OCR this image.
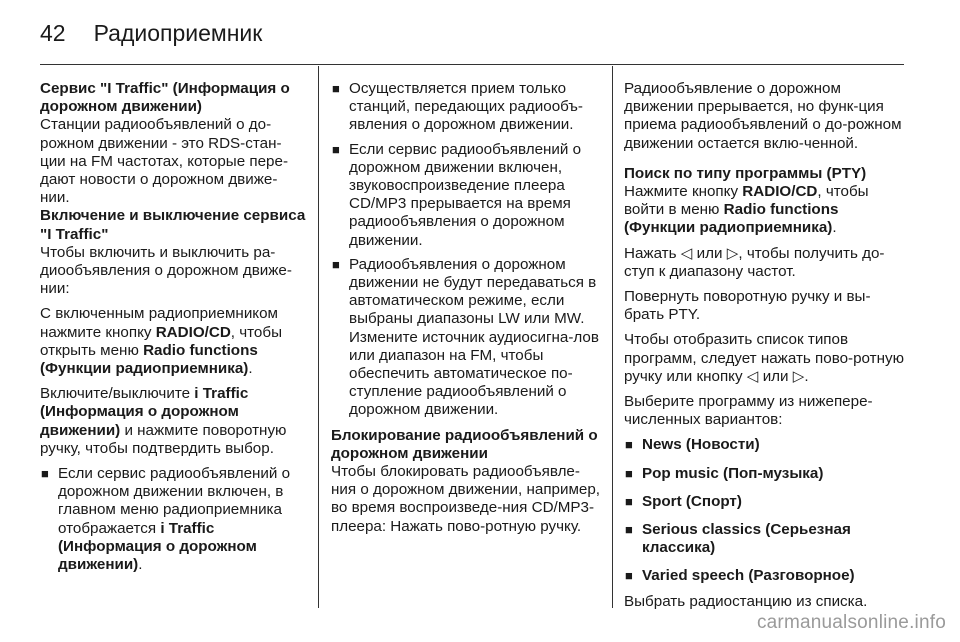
42 Радиоприемник

Сервис "I Traffic" (Информация о дорожном движении)

Станции радиообъявлений о до-рожном движении - это RDS-стан-ции на FM частотах, которые пере-дают новости о дорожном движе-нии.

Включение и выключение сервиса "I Traffic"

Чтобы включить и выключить ра-диообъявления о дорожном движе-нии:

С включенным радиоприемником нажмите кнопку RADIO/CD, чтобы открыть меню Radio functions (Функции радиоприемника).

Включите/выключите i Traffic (Информация о дорожном движении) и нажмите поворотную ручку, чтобы подтвердить выбор.

■ Если сервис радиообъявлений о дорожном движении включен, в главном меню радиоприемника отображается i Traffic (Информация о дорожном движении).
■ Осуществляется прием только станций, передающих радиообъ-явления о дорожном движении.
■ Если сервис радиообъявлений о дорожном движении включен, звуковоспроизведение плеера CD/MP3 прерывается на время радиообъявления о дорожном движении.
■ Радиообъявления о дорожном движении не будут передаваться в автоматическом режиме, если выбраны диапазоны LW или MW. Измените источник аудиосигна-лов или диапазон на FM, чтобы обеспечить автоматическое по-ступление радиообъявлений о дорожном движении.

Блокирование радиообъявлений о дорожном движении

Чтобы блокировать радиообъявле-ния о дорожном движении, например, во время воспроизведе-ния CD/MP3-плеера: Нажать пово-ротную ручку.

Радиообъявление о дорожном движении прерывается, но функ-ция приема радиообъявлений о до-рожном движении остается вклю-ченной.

Поиск по типу программы (PTY)

Нажмите кнопку RADIO/CD, чтобы войти в меню Radio functions (Функции радиоприемника).

Нажать ◁ или ▷, чтобы получить до-ступ к диапазону частот.

Повернуть поворотную ручку и вы-брать PTY.

Чтобы отобразить список типов программ, следует нажать пово-ротную ручку или кнопку ◁ или ▷.

Выберите программу из нижепере-численных вариантов:

■ News (Новости)
■ Pop music (Поп-музыка)
■ Sport (Спорт)
■ Serious classics (Серьезная классика)
■ Varied speech (Разговорное)

Выбрать радиостанцию из списка.

carmanualsonline.info
